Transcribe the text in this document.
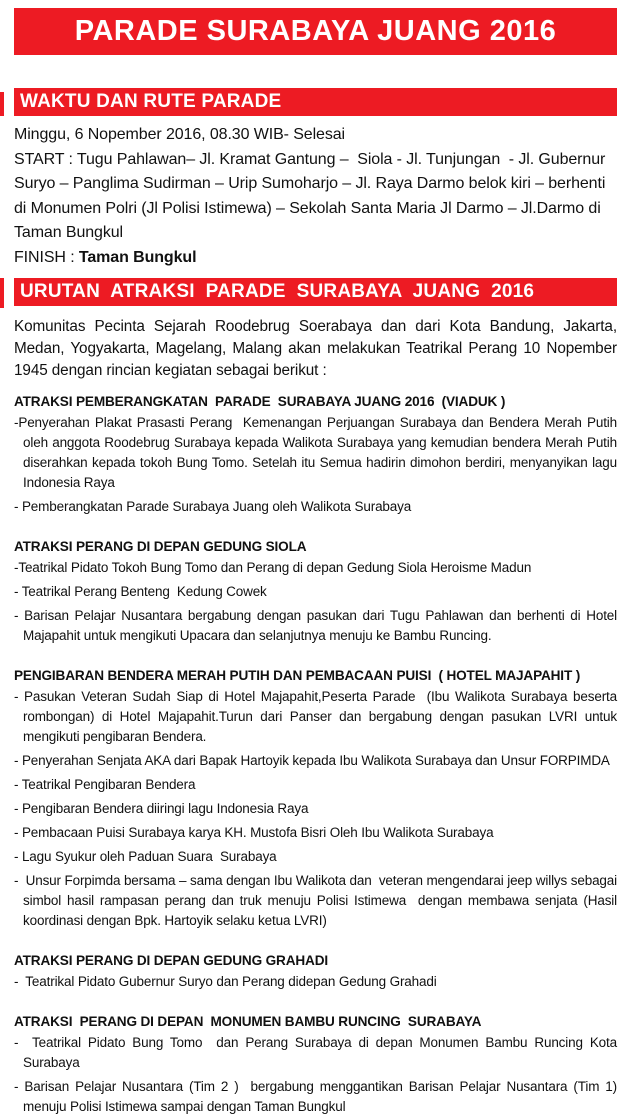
PARADE SURABAYA JUANG 2016
WAKTU DAN RUTE PARADE

Minggu, 6 Nopember 2016, 08.30 WIB- Selesai
START : Tugu Pahlawan– Jl. Kramat Gantung –  Siola - Jl. Tunjungan  - Jl. Gubernur Suryo – Panglima Sudirman – Urip Sumoharjo – Jl. Raya Darmo belok kiri – berhenti di Monumen Polri (Jl Polisi Istimewa) – Sekolah Santa Maria Jl Darmo – Jl.Darmo di Taman Bungkul
FINISH : Taman Bungkul

URUTAN  ATRAKSI  PARADE  SURABAYA  JUANG  2016

Komunitas Pecinta Sejarah Roodebrug Soerabaya dan dari Kota Bandung, Jakarta, Medan, Yogyakarta, Magelang, Malang akan melakukan Teatrikal Perang 10 Nopember 1945 dengan rincian kegiatan sebagai berikut :

ATRAKSI PEMBERANGKATAN  PARADE  SURABAYA JUANG 2016  (VIADUK )

-Penyerahan Plakat Prasasti Perang  Kemenangan Perjuangan Surabaya dan Bendera Merah Putih oleh anggota Roodebrug Surabaya kepada Walikota Surabaya yang kemudian bendera Merah Putih diserahkan kepada tokoh Bung Tomo. Setelah itu Semua hadirin dimohon berdiri, menyanyikan lagu Indonesia Raya

- Pemberangkatan Parade Surabaya Juang oleh Walikota Surabaya

ATRAKSI PERANG DI DEPAN GEDUNG SIOLA

-Teatrikal Pidato Tokoh Bung Tomo dan Perang di depan Gedung Siola Heroisme Madun

- Teatrikal Perang Benteng  Kedung Cowek

- Barisan Pelajar Nusantara bergabung dengan pasukan dari Tugu Pahlawan dan berhenti di Hotel Majapahit untuk mengikuti Upacara dan selanjutnya menuju ke Bambu Runcing.

PENGIBARAN BENDERA MERAH PUTIH DAN PEMBACAAN PUISI  ( HOTEL MAJAPAHIT )

- Pasukan Veteran Sudah Siap di Hotel Majapahit,Peserta Parade  (Ibu Walikota Surabaya beserta rombongan) di Hotel Majapahit.Turun dari Panser dan bergabung dengan pasukan LVRI untuk mengikuti pengibaran Bendera.

- Penyerahan Senjata AKA dari Bapak Hartoyik kepada Ibu Walikota Surabaya dan Unsur FORPIMDA

- Teatrikal Pengibaran Bendera

- Pengibaran Bendera diiringi lagu Indonesia Raya

- Pembacaan Puisi Surabaya karya KH. Mustofa Bisri Oleh Ibu Walikota Surabaya

- Lagu Syukur oleh Paduan Suara  Surabaya

-  Unsur Forpimda bersama – sama dengan Ibu Walikota dan  veteran mengendarai jeep willys sebagai simbol hasil rampasan perang dan truk menuju Polisi Istimewa  dengan membawa senjata (Hasil koordinasi dengan Bpk. Hartoyik selaku ketua LVRI)

ATRAKSI PERANG DI DEPAN GEDUNG GRAHADI

-  Teatrikal Pidato Gubernur Suryo dan Perang didepan Gedung Grahadi

ATRAKSI  PERANG DI DEPAN  MONUMEN BAMBU RUNCING  SURABAYA

-  Teatrikal Pidato Bung Tomo  dan Perang Surabaya di depan Monumen Bambu Runcing Kota Surabaya

- Barisan Pelajar Nusantara (Tim 2 )  bergabung menggantikan Barisan Pelajar Nusantara (Tim 1) menuju Polisi Istimewa sampai dengan Taman Bungkul
